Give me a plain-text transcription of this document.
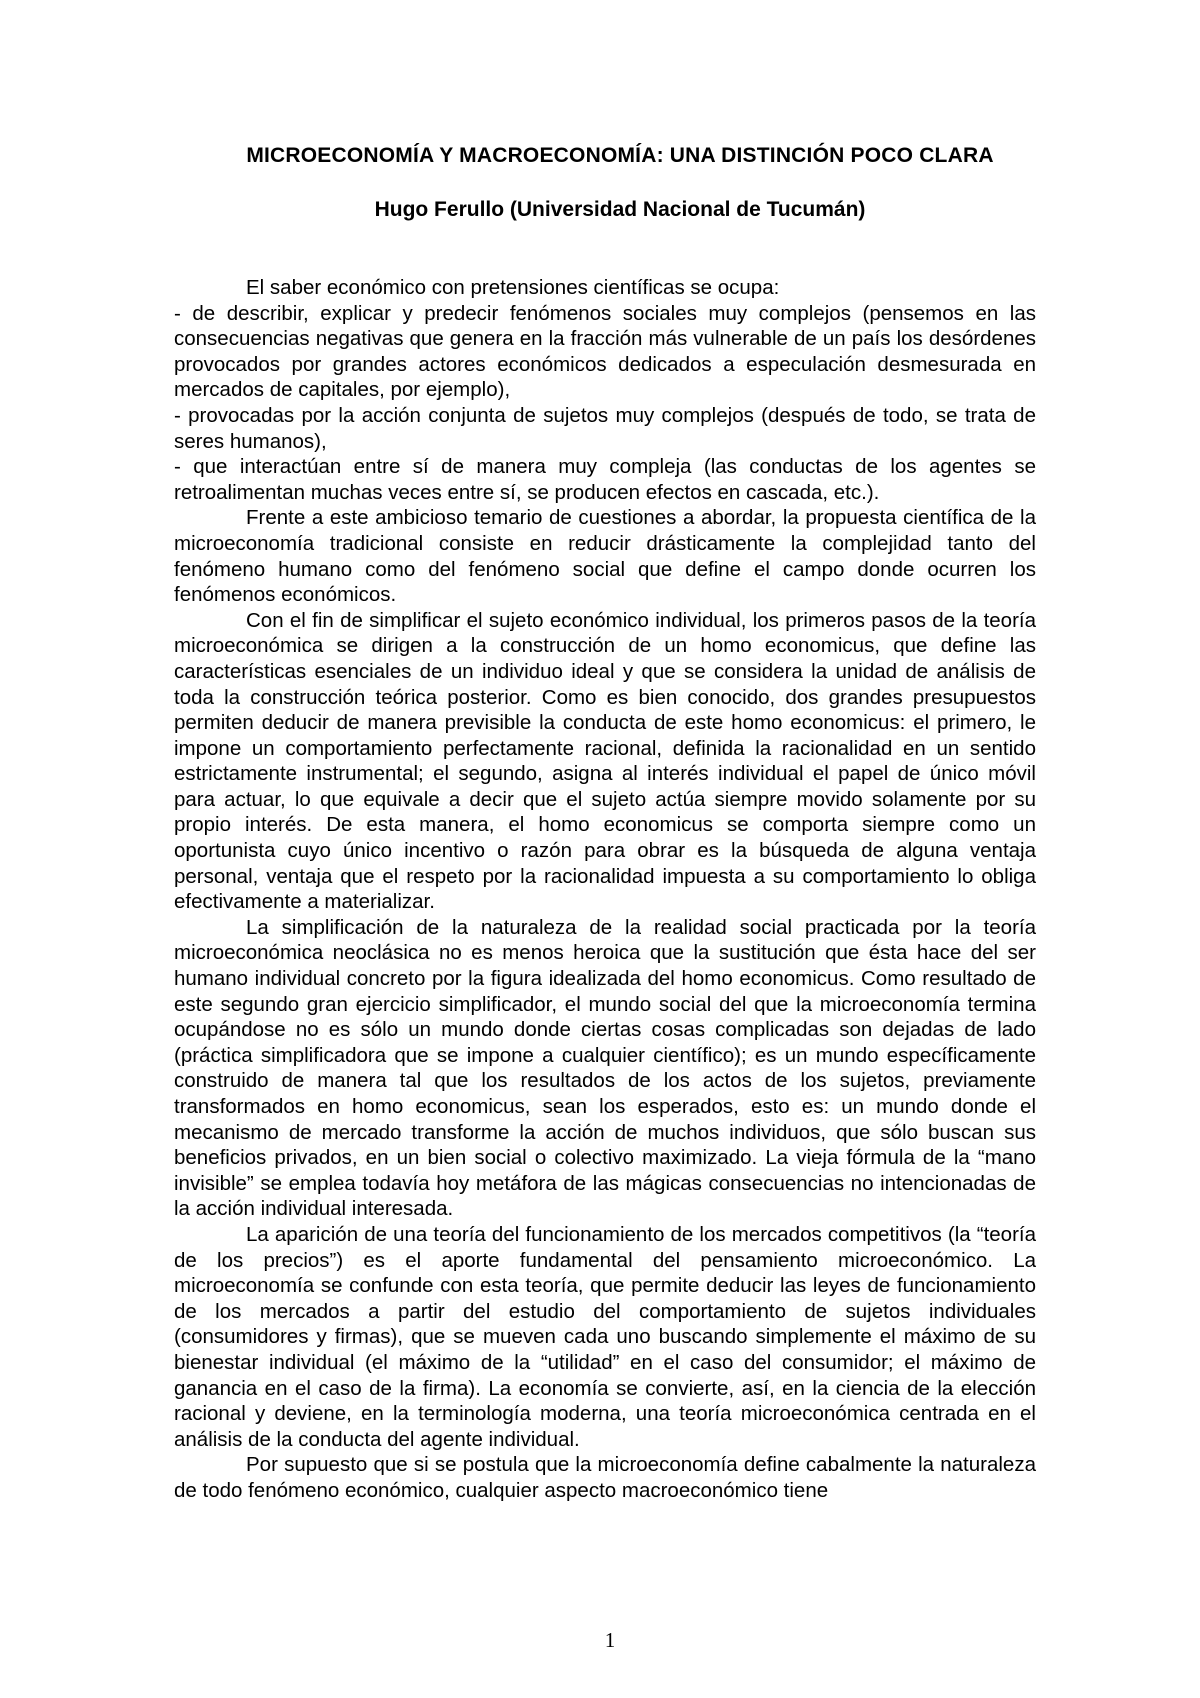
MICROECONOMÍA Y MACROECONOMÍA: UNA DISTINCIÓN POCO CLARA
Hugo Ferullo (Universidad Nacional de Tucumán)

El saber económico con pretensiones científicas se ocupa:

- de describir, explicar y predecir fenómenos sociales muy complejos (pensemos en las consecuencias negativas que genera en la fracción más vulnerable de un país los desórdenes provocados por grandes actores económicos dedicados a especulación desmesurada en mercados de capitales, por ejemplo),

- provocadas por la acción conjunta de sujetos muy complejos (después de todo, se trata de seres humanos),

- que interactúan entre sí de manera muy compleja (las conductas de los agentes se retroalimentan muchas veces entre sí, se producen efectos en cascada, etc.).

Frente a este ambicioso temario de cuestiones a abordar, la propuesta científica de la microeconomía tradicional consiste en reducir drásticamente la complejidad tanto del fenómeno humano como del fenómeno social que define el campo donde ocurren los fenómenos económicos.

Con el fin de simplificar el sujeto económico individual, los primeros pasos de la teoría microeconómica se dirigen a la construcción de un homo economicus, que define las características esenciales de un individuo ideal y que se considera la unidad de análisis de toda la construcción teórica posterior. Como es bien conocido, dos grandes presupuestos permiten deducir de manera previsible la conducta de este homo economicus: el primero, le impone un comportamiento perfectamente racional, definida la racionalidad en un sentido estrictamente instrumental; el segundo, asigna al interés individual el papel de único móvil para actuar, lo que equivale a decir que el sujeto actúa siempre movido solamente por su propio interés. De esta manera, el homo economicus se comporta siempre como un oportunista cuyo único incentivo o razón para obrar es la búsqueda de alguna ventaja personal, ventaja que el respeto por la racionalidad impuesta a su comportamiento lo obliga efectivamente a materializar.

La simplificación de la naturaleza de la realidad social practicada por la teoría microeconómica neoclásica no es menos heroica que la sustitución que ésta hace del ser humano individual concreto por la figura idealizada del homo economicus. Como resultado de este segundo gran ejercicio simplificador, el mundo social del que la microeconomía termina ocupándose no es sólo un mundo donde ciertas cosas complicadas son dejadas de lado (práctica simplificadora que se impone a cualquier científico); es un mundo específicamente construido de manera tal que los resultados de los actos de los sujetos, previamente transformados en homo economicus, sean los esperados, esto es: un mundo donde el mecanismo de mercado transforme la acción de muchos individuos, que sólo buscan sus beneficios privados, en un bien social o colectivo maximizado. La vieja fórmula de la “mano invisible” se emplea todavía hoy metáfora de las mágicas consecuencias no intencionadas de la acción individual interesada.

La aparición de una teoría del funcionamiento de los mercados competitivos (la “teoría de los precios”) es el aporte fundamental del pensamiento microeconómico. La microeconomía se confunde con esta teoría, que permite deducir las leyes de funcionamiento de los mercados a partir del estudio del comportamiento de sujetos individuales (consumidores y firmas), que se mueven cada uno buscando simplemente el máximo de su bienestar individual (el máximo de la “utilidad” en el caso del consumidor; el máximo de ganancia en el caso de la firma). La economía se convierte, así, en la ciencia de la elección racional y deviene, en la terminología moderna, una teoría microeconómica centrada en el análisis de la conducta del agente individual.

Por supuesto que si se postula que la microeconomía define cabalmente la naturaleza de todo fenómeno económico, cualquier aspecto macroeconómico tiene

1
